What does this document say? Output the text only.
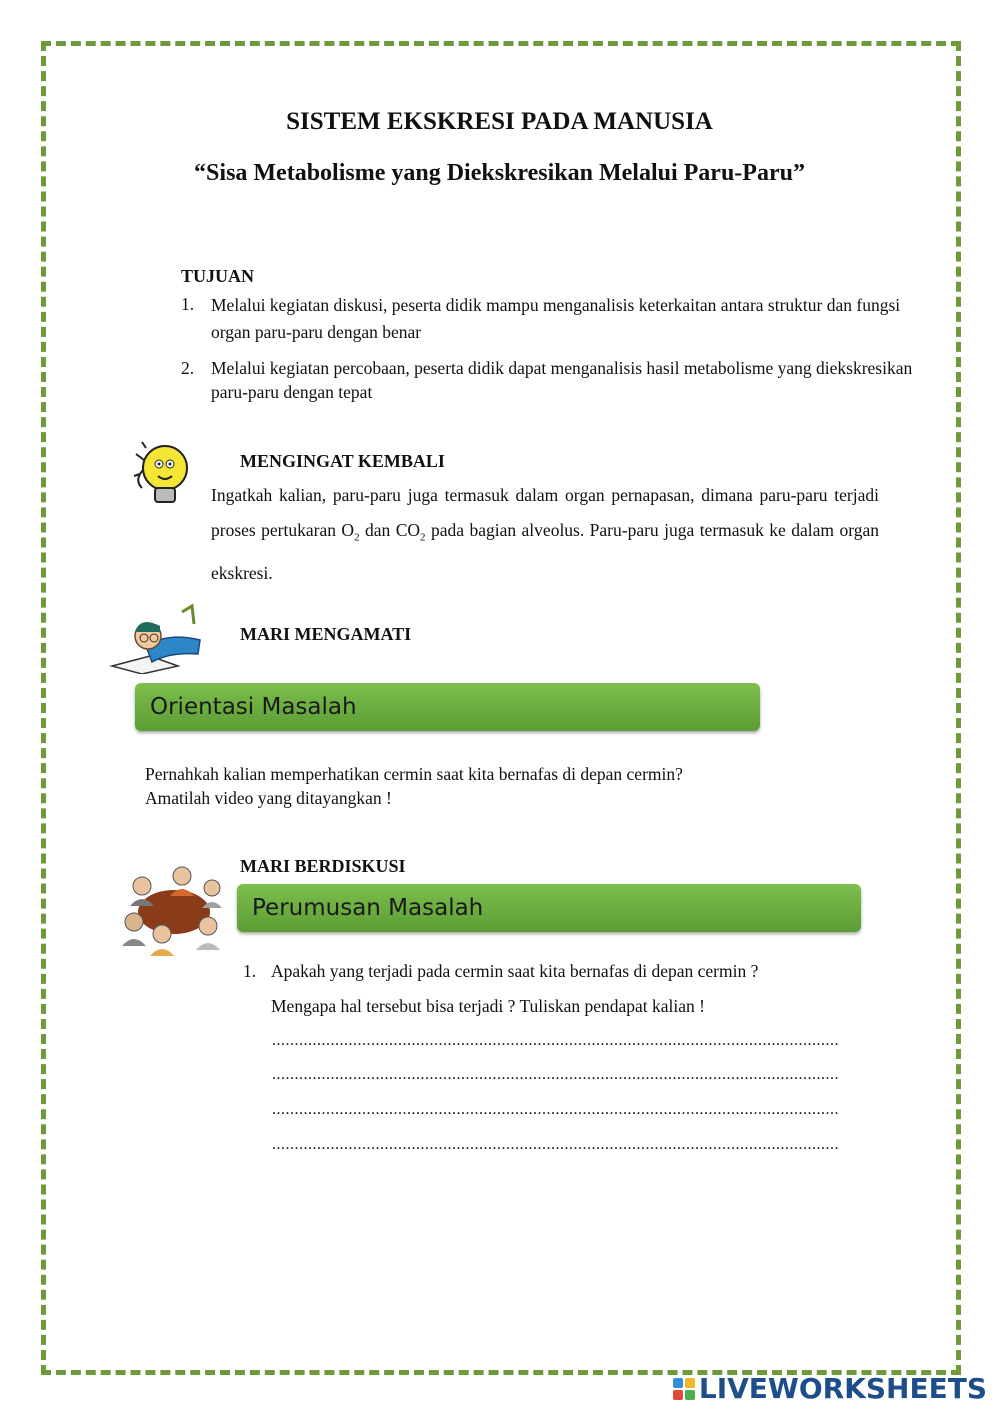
SISTEM EKSKRESI PADA MANUSIA
“Sisa Metabolisme yang Diekskresikan Melalui Paru-Paru”
TUJUAN
1. Melalui kegiatan diskusi, peserta didik mampu menganalisis keterkaitan antara struktur dan fungsi organ paru-paru dengan benar
2. Melalui kegiatan percobaan, peserta didik dapat menganalisis hasil metabolisme yang diekskresikan paru-paru dengan tepat
MENGINGAT KEMBALI
Ingatkah kalian, paru-paru juga termasuk dalam organ pernapasan, dimana paru-paru terjadi proses pertukaran $O_2$ dan $CO_2$ pada bagian alveolus. Paru-paru juga termasuk ke dalam organ ekskresi.
MARI MENGAMATI
Orientasi Masalah
Pernahkah kalian memperhatikan cermin saat kita bernafas di depan cermin?
Amatilah video yang ditayangkan !
MARI BERDISKUSI
Perumusan Masalah
1. Apakah yang terjadi pada cermin saat kita bernafas di depan cermin ?
Mengapa hal tersebut bisa terjadi ? Tuliskan pendapat kalian !
..............................................................................................................................
..............................................................................................................................
..............................................................................................................................
..............................................................................................................................
LIVEWORKSHEETS
